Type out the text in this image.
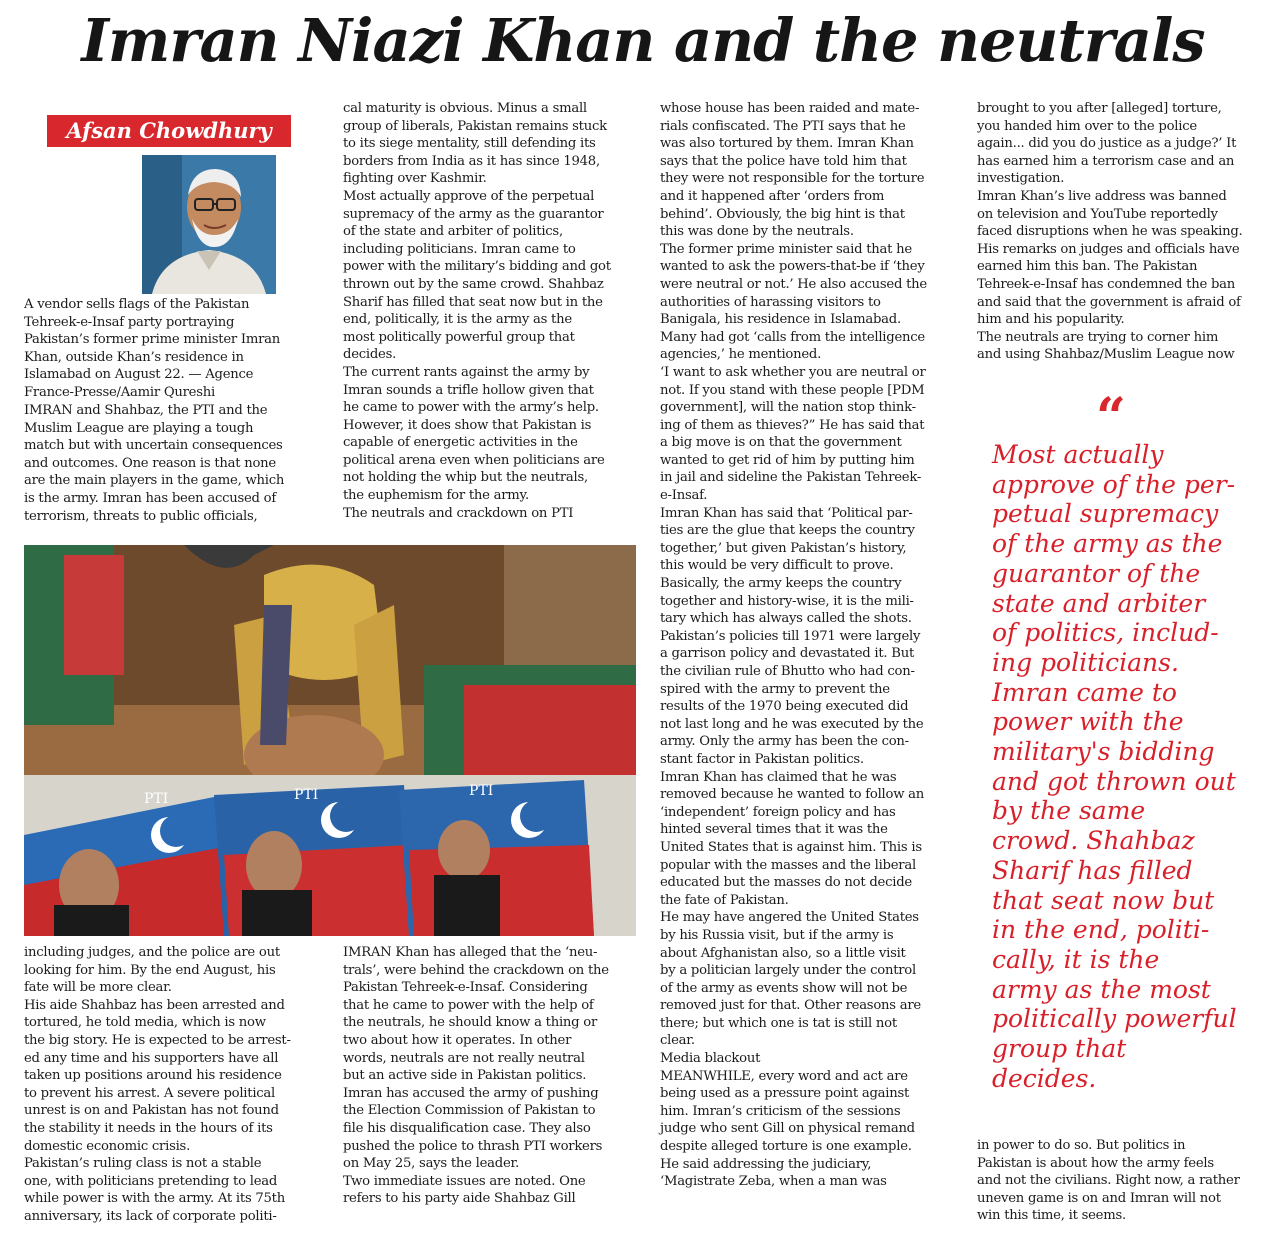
Imran Niazi Khan and the neutrals
Afsan Chowdhury

A vendor sells flags of the Pakistan
Tehreek-e-Insaf party portraying
Pakistan’s former prime minister Imran
Khan, outside Khan’s residence in
Islamabad on August 22. — Agence
France-Presse/Aamir Qureshi

IMRAN and Shahbaz, the PTI and the
Muslim League are playing a tough
match but with uncertain consequences
and outcomes. One reason is that none
are the main players in the game, which
is the army. Imran has been accused of
terrorism, threats to public officials,

cal maturity is obvious. Minus a small
group of liberals, Pakistan remains stuck
to its siege mentality, still defending its
borders from India as it has since 1948,
fighting over Kashmir.
Most actually approve of the perpetual
supremacy of the army as the guarantor
of the state and arbiter of politics,
including politicians. Imran came to
power with the military’s bidding and got
thrown out by the same crowd. Shahbaz
Sharif has filled that seat now but in the
end, politically, it is the army as the
most politically powerful group that
decides.
The current rants against the army by
Imran sounds a trifle hollow given that
he came to power with the army’s help.
However, it does show that Pakistan is
capable of energetic activities in the
political arena even when politicians are
not holding the whip but the neutrals,
the euphemism for the army.
The neutrals and crackdown on PTI

PTI	PTI	PTI

including judges, and the police are out
looking for him. By the end August, his
fate will be more clear.
His aide Shahbaz has been arrested and
tortured, he told media, which is now
the big story. He is expected to be arrest-
ed any time and his supporters have all
taken up positions around his residence
to prevent his arrest. A severe political
unrest is on and Pakistan has not found
the stability it needs in the hours of its
domestic economic crisis.
Pakistan’s ruling class is not a stable
one, with politicians pretending to lead
while power is with the army. At its 75th
anniversary, its lack of corporate politi-

IMRAN Khan has alleged that the ‘neu-
trals’, were behind the crackdown on the
Pakistan Tehreek-e-Insaf. Considering
that he came to power with the help of
the neutrals, he should know a thing or
two about how it operates. In other
words, neutrals are not really neutral
but an active side in Pakistan politics.
Imran has accused the army of pushing
the Election Commission of Pakistan to
file his disqualification case. They also
pushed the police to thrash PTI workers
on May 25, says the leader.
Two immediate issues are noted. One
refers to his party aide Shahbaz Gill

whose house has been raided and mate-
rials confiscated. The PTI says that he
was also tortured by them. Imran Khan
says that the police have told him that
they were not responsible for the torture
and it happened after ‘orders from
behind’. Obviously, the big hint is that
this was done by the neutrals.
The former prime minister said that he
wanted to ask the powers-that-be if ‘they
were neutral or not.’ He also accused the
authorities of harassing visitors to
Banigala, his residence in Islamabad.
Many had got ‘calls from the intelligence
agencies,’ he mentioned.
‘I want to ask whether you are neutral or
not. If you stand with these people [PDM
government], will the nation stop think-
ing of them as thieves?” He has said that
a big move is on that the government
wanted to get rid of him by putting him
in jail and sideline the Pakistan Tehreek-
e-Insaf.
Imran Khan has said that ‘Political par-
ties are the glue that keeps the country
together,’ but given Pakistan’s history,
this would be very difficult to prove.
Basically, the army keeps the country
together and history-wise, it is the mili-
tary which has always called the shots.
Pakistan’s policies till 1971 were largely
a garrison policy and devastated it. But
the civilian rule of Bhutto who had con-
spired with the army to prevent the
results of the 1970 being executed did
not last long and he was executed by the
army. Only the army has been the con-
stant factor in Pakistan politics.
Imran Khan has claimed that he was
removed because he wanted to follow an
‘independent’ foreign policy and has
hinted several times that it was the
United States that is against him. This is
popular with the masses and the liberal
educated but the masses do not decide
the fate of Pakistan.
He may have angered the United States
by his Russia visit, but if the army is
about Afghanistan also, so a little visit
by a politician largely under the control
of the army as events show will not be
removed just for that. Other reasons are
there; but which one is tat is still not
clear.
Media blackout
MEANWHILE, every word and act are
being used as a pressure point against
him. Imran’s criticism of the sessions
judge who sent Gill on physical remand
despite alleged torture is one example.
He said addressing the judiciary,
‘Magistrate Zeba, when a man was

brought to you after [alleged] torture,
you handed him over to the police
again... did you do justice as a judge?’ It
has earned him a terrorism case and an
investigation.
Imran Khan’s live address was banned
on television and YouTube reportedly
faced disruptions when he was speaking.
His remarks on judges and officials have
earned him this ban. The Pakistan
Tehreek-e-Insaf has condemned the ban
and said that the government is afraid of
him and his popularity.
The neutrals are trying to corner him
and using Shahbaz/Muslim League now

“

Most actually
approve of the per-
petual supremacy
of the army as the
guarantor of the
state and arbiter
of politics, includ-
ing politicians.
Imran came to
power with the
military's bidding
and got thrown out
by the same
crowd. Shahbaz
Sharif has filled
that seat now but
in the end, politi-
cally, it is the
army as the most
politically powerful
group that
decides.

in power to do so. But politics in
Pakistan is about how the army feels
and not the civilians. Right now, a rather
uneven game is on and Imran will not
win this time, it seems.
